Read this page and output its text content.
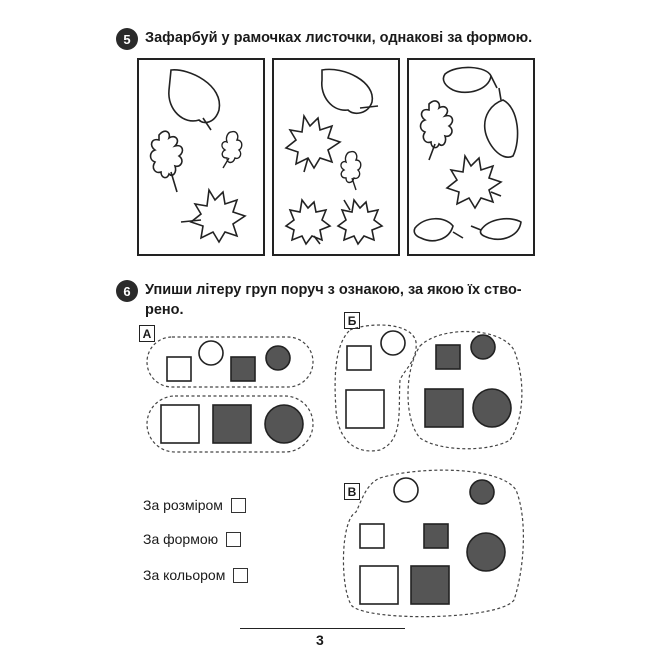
5 Зафарбуй у рамочках листочки, однакові за формою.
6 Упиши літеру груп поруч з ознакою, за якою їх ство-
рено.
А
Б
В
За розміром
За формою
За кольором
3
